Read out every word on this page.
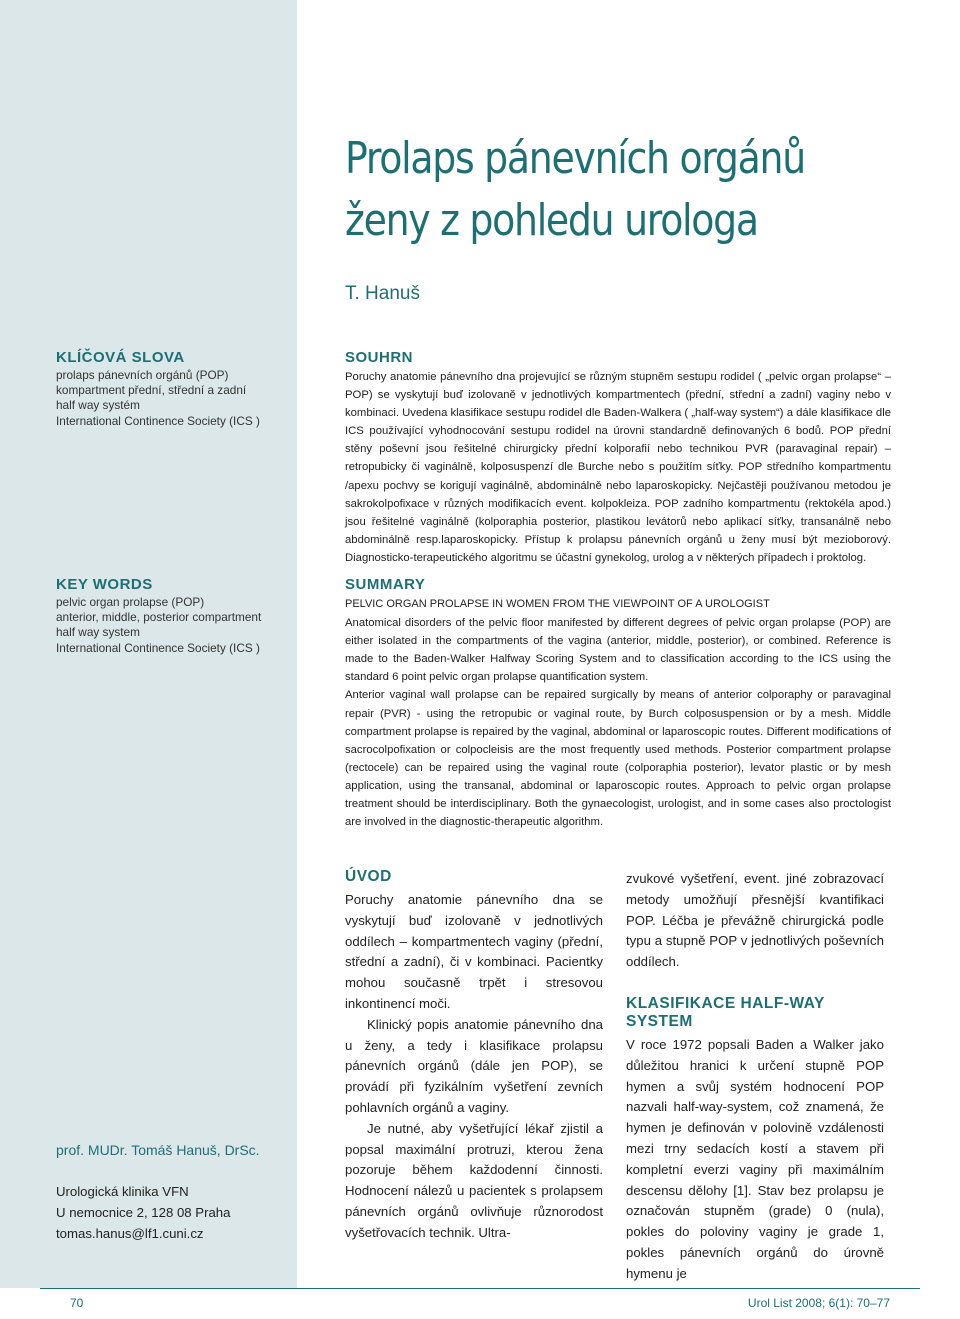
Prolaps pánevních orgánů
ženy z pohledu urologa
T. Hanuš
KLÍČOVÁ SLOVA
prolaps pánevních orgánů (POP)
kompartment přední, střední a zadní
half way systém
International Continence Society (ICS )
KEY WORDS
pelvic organ prolapse (POP)
anterior, middle, posterior compartment
half way system
International Continence Society (ICS )
SOUHRN

Poruchy anatomie pánevního dna projevující se různým stupněm sestupu rodidel ( „pelvic organ prolapse“ – POP) se vyskytují buď izolovaně v jednotlivých kompartmentech (přední, střední a zadní) vaginy nebo v kombinaci. Uvedena klasifikace sestupu rodidel dle Baden-Walkera ( „half-way system“) a dále klasifikace dle ICS používající vyhodnocování sestupu rodidel na úrovni standardně definovaných 6 bodů. POP přední stěny poševní jsou řešitelné chirurgicky přední kolporafií nebo technikou PVR (paravaginal repair) – retropubicky či vaginálně, kolposuspenzí dle Burche nebo s použitím síťky. POP středního kompartmentu /apexu pochvy se korigují vaginálně, abdominálně nebo laparoskopicky. Nejčastěji používanou metodou je sakrokolpofixace v různých modifikacích event. kolpokleiza. POP zadního kompartmentu (rektokéla apod.) jsou řešitelné vaginálně (kolporaphia posterior, plastikou levátorů nebo aplikací síťky, transanálně nebo abdominálně resp.laparoskopicky. Přístup k prolapsu pánevních orgánů u ženy musí být mezioborový. Diagnosticko-terapeutického algoritmu se účastní gynekolog, urolog a v některých případech i proktolog.

SUMMARY

PELVIC ORGAN PROLAPSE IN WOMEN FROM THE VIEWPOINT OF A UROLOGIST

Anatomical disorders of the pelvic floor manifested by different degrees of pelvic organ prolapse (POP) are either isolated in the compartments of the vagina (anterior, middle, posterior), or combined. Reference is made to the Baden-Walker Halfway Scoring System and to classification according to the ICS using the standard 6 point pelvic organ prolapse quantification system.

Anterior vaginal wall prolapse can be repaired surgically by means of anterior colporaphy or paravaginal repair (PVR) - using the retropubic or vaginal route, by Burch colposuspension or by a mesh. Middle compartment prolapse is repaired by the vaginal, abdominal or laparoscopic routes. Different modifications of sacrocolpofixation or colpocleisis are the most frequently used methods. Posterior compartment prolapse (rectocele) can be repaired using the vaginal route (colporaphia posterior), levator plastic or by mesh application, using the transanal, abdominal or laparoscopic routes. Approach to pelvic organ prolapse treatment should be interdisciplinary. Both the gynaecologist, urologist, and in some cases also proctologist are involved in the diagnostic-therapeutic algorithm.

ÚVOD

Poruchy anatomie pánevního dna se vyskytují buď izolovaně v jednotlivých oddílech – kompartmentech vaginy (přední, střední a zadní), či v kombinaci. Pacientky mohou současně trpět i stresovou inkontinencí moči.

Klinický popis anatomie pánevního dna u ženy, a tedy i klasifikace prolapsu pánevních orgánů (dále jen POP), se provádí při fyzikálním vyšetření zevních pohlavních orgánů a vaginy.

Je nutné, aby vyšetřující lékař zjistil a popsal maximální protruzi, kterou žena pozoruje během každodenní činnosti. Hodnocení nálezů u pacientek s prolapsem pánevních orgánů ovlivňuje různorodost vyšetřovacích technik. Ultra-

zvukové vyšetření, event. jiné zobrazovací metody umožňují přesnější kvantifikaci POP. Léčba je převážně chirurgická podle typu a stupně POP v jednotlivých poševních oddílech.

KLASIFIKACE HALF-WAY SYSTEM

V roce 1972 popsali Baden a Walker jako důležitou hranici k určení stupně POP hymen a svůj systém hodnocení POP nazvali half-way-system, což znamená, že hymen je definován v polovině vzdálenosti mezi trny sedacích kostí a stavem při kompletní everzi vaginy při maximálním descensu dělohy [1]. Stav bez prolapsu je označován stupněm (grade) 0 (nula), pokles do poloviny vaginy je grade 1, pokles pánevních orgánů do úrovně hymenu je

prof. MUDr. Tomáš Hanuš, DrSc.

Urologická klinika VFN

U nemocnice 2, 128 08 Praha

tomas.hanus@lf1.cuni.cz

70	Urol List 2008; 6(1): 70–77
